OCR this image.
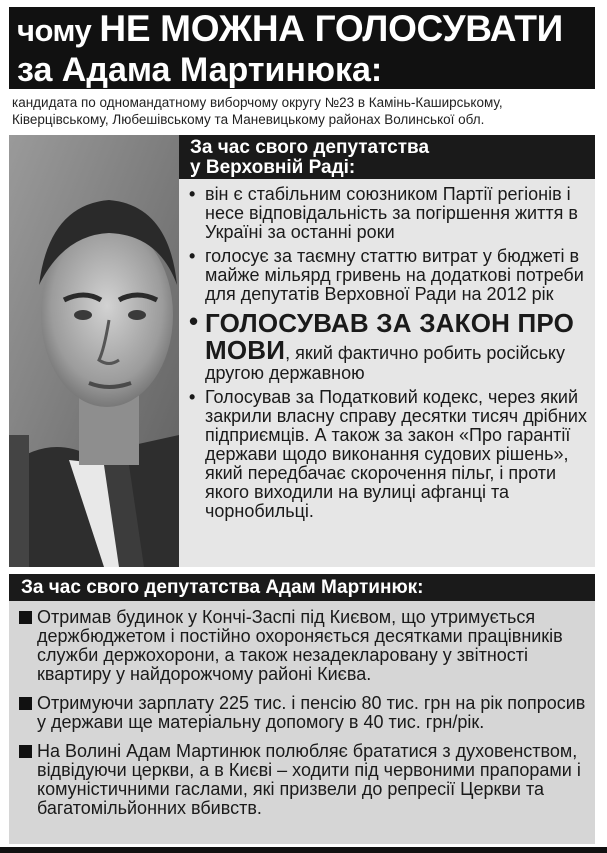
чому НЕ МОЖНА ГОЛОСУВАТИ
за Адама Мартинюка:
кандидата по одномандатному виборчому округу №23 в Камінь-Каширському, Ківерцівському, Любешівському та Маневицькому районах Волинської обл.
За час свого депутатства
у Верховній Раді:
• він є стабільним союзником Партії регіонів і несе відповідальність за погіршення життя в Україні за останні роки
• голосує за таємну статтю витрат у бюджеті в майже мільярд гривень на додаткові потреби для депутатів Верховної Ради на 2012 рік
• ГОЛОСУВАВ ЗА ЗАКОН ПРО МОВИ, який фактично робить російську другою державною
• Голосував за Податковий кодекс, через який закрили власну справу десятки тисяч дрібних підприємців. А також за закон «Про гарантії держави щодо виконання судових рішень», який передбачає скорочення пільг, і проти якого виходили на вулиці афганці та чорнобильці.
За час свого депутатства Адам Мартинюк:
Отримав будинок у Кончі-Заспі під Києвом, що утримується держбюджетом і постійно охороняється десятками працівників служби держохорони, а також незадекларовану у звітності квартиру у найдорожчому районі Києва.
Отримуючи зарплату 225 тис. і пенсію 80 тис. грн на рік попросив у держави ще матеріальну допомогу в 40 тис. грн/рік.
На Волині Адам Мартинюк полюбляє брататися з духовенством, відвідуючи церкви, а в Києві – ходити під червоними прапорами і комуністичними гаслами, які призвели до репресії Церкви та багатомільйонних вбивств.
